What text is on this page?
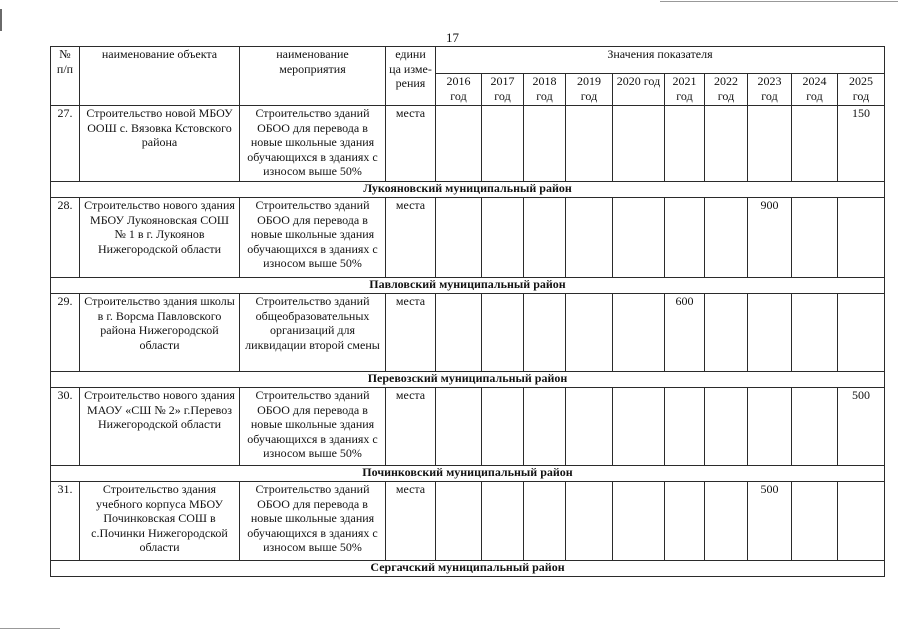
17
№ п/п	наименование объекта	наименование мероприятия	едини ца изме- рения	Значения показателя									
				2016 год	2017 год	2018 год	2019 год	2020 год	2021 год	2022 год	2023 год	2024 год	2025 год
27.	Строительство новой МБОУ ООШ с. Вязовка Кстовского района	Строительство зданий ОБОО для перевода в новые школьные здания обучающихся в зданиях с износом выше 50%	места										150
Лукояновский муниципальный район													
28.	Строительство нового здания МБОУ Лукояновская СОШ № 1 в г. Лукоянов Нижегородской области	Строительство зданий ОБОО для перевода в новые школьные здания обучающихся в зданиях с износом выше 50%	места								900		
Павловский муниципальный район													
29.	Строительство здания школы в г. Ворсма Павловского района Нижегородской области	Строительство зданий общеобразовательных организаций для ликвидации второй смены	места						600				
Перевозский муниципальный район													
30.	Строительство нового здания МАОУ «СШ № 2» г.Перевоз Нижегородской области	Строительство зданий ОБОО для перевода в новые школьные здания обучающихся в зданиях с износом выше 50%	места										500
Починковский муниципальный район													
31.	Строительство здания учебного корпуса МБОУ Починковская СОШ в с.Починки Нижегородской области	Строительство зданий ОБОО для перевода в новые школьные здания обучающихся в зданиях с износом выше 50%	места								500		
Сергачский муниципальный район													
